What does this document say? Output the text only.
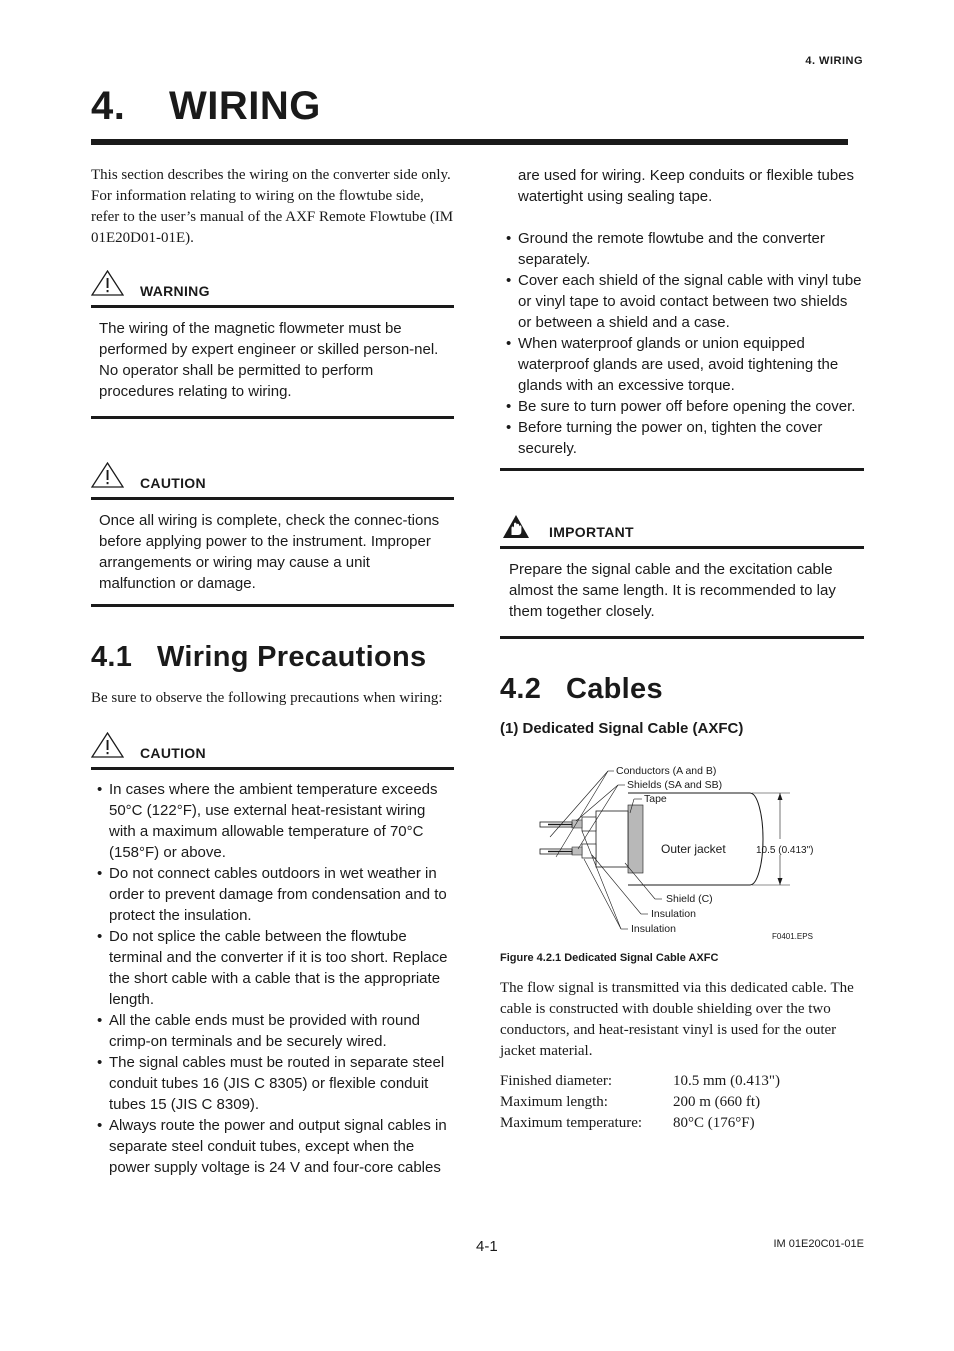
4. WIRING
4. WIRING

This section describes the wiring on the converter side only. For information relating to wiring on the flowtube side, refer to the user’s manual of the AXF Remote Flowtube (IM 01E20D01-01E).

WARNING

The wiring of the magnetic flowmeter must be performed by expert engineer or skilled person-nel. No operator shall be permitted to perform procedures relating to wiring.

CAUTION

Once all wiring is complete, check the connec-tions before applying power to the instrument. Improper arrangements or wiring may cause a unit malfunction or damage.

4.1 Wiring Precautions

Be sure to observe the following precautions when wiring:

CAUTION
• In cases where the ambient temperature exceeds 50°C (122°F), use external heat-resistant wiring with a maximum allowable temperature of 70°C (158°F) or above.
• Do not connect cables outdoors in wet weather in order to prevent damage from condensation and to protect the insulation.
• Do not splice the cable between the flowtube terminal and the converter if it is too short. Replace the short cable with a cable that is the appropriate length.
• All the cable ends must be provided with round crimp-on terminals and be securely wired.
• The signal cables must be routed in separate steel conduit tubes 16 (JIS C 8305) or flexible conduit tubes 15 (JIS C 8309).
• Always route the power and output signal cables in separate steel conduit tubes, except when the power supply voltage is 24 V and four-core cables
are used for wiring. Keep conduits or flexible tubes watertight using sealing tape.
• Ground the remote flowtube and the converter separately.
• Cover each shield of the signal cable with vinyl tube or vinyl tape to avoid contact between two shields or between a shield and a case.
• When waterproof glands or union equipped waterproof glands are used, avoid tightening the glands with an excessive torque.
• Be sure to turn power off before opening the cover.
• Before turning the power on, tighten the cover securely.
IMPORTANT

Prepare the signal cable and the excitation cable almost the same length. It is recommended to lay them together closely.

4.2 Cables

(1) Dedicated Signal Cable (AXFC)

Conductors (A and B)
Shields (SA and SB)
Tape
Outer jacket	10.5 (0.413")
Shield (C)
Insulation
Insulation
F0401.EPS
Figure 4.2.1 Dedicated Signal Cable AXFC

The flow signal is transmitted via this dedicated cable. The cable is constructed with double shielding over the two conductors, and heat-resistant vinyl is used for the outer jacket material.

Finished diameter:	10.5 mm (0.413")
Maximum length:	200 m (660 ft)
Maximum temperature:	80°C (176°F)
4-1	IM 01E20C01-01E
